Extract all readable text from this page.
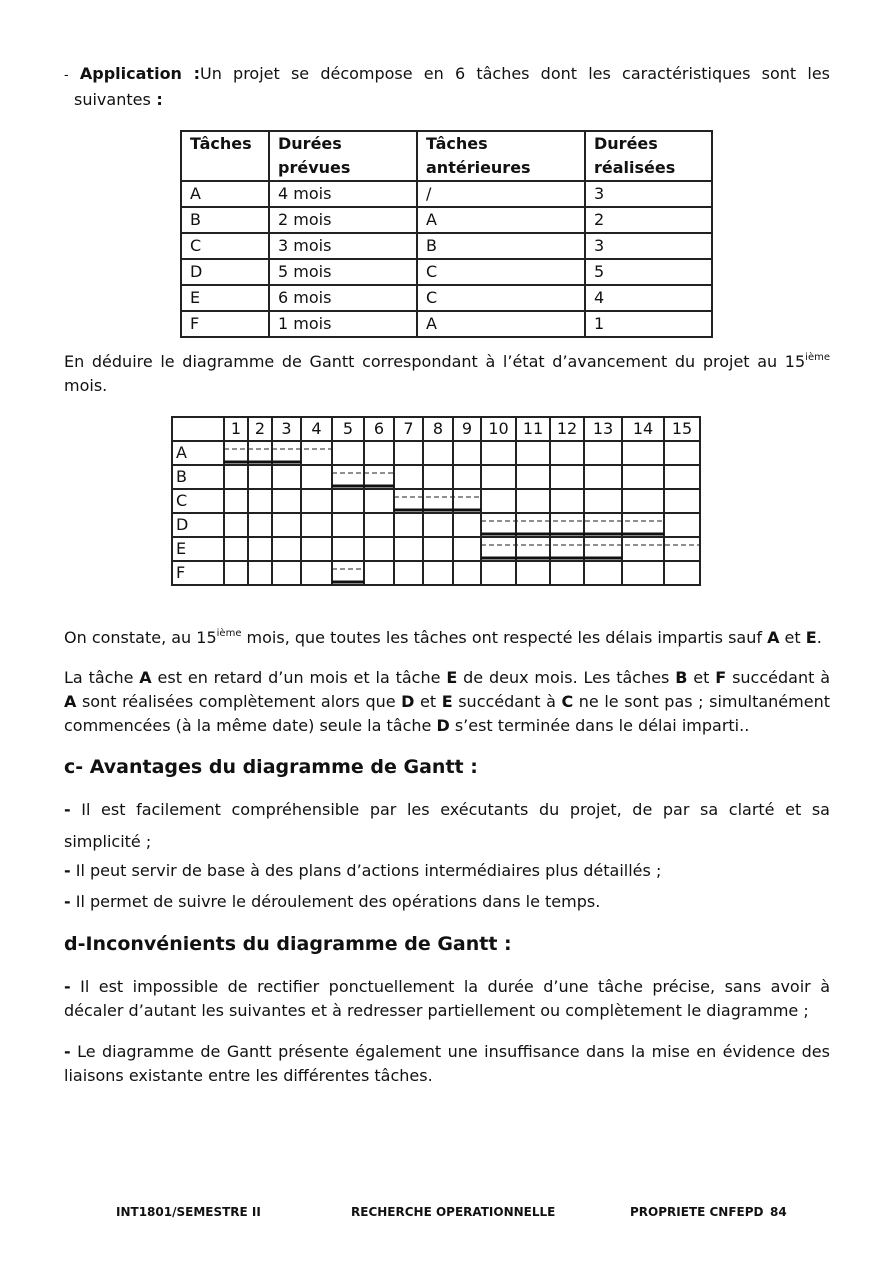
- Application :Un projet se décompose en 6 tâches dont les caractéristiques sont les
suivantes :
Tâches	Durées prévues	Tâches antérieures	Durées réalisées
A	4 mois	/	3
B	2 mois	A	2
C	3 mois	B	3
D	5 mois	C	5
E	6 mois	C	4
F	1 mois	A	1
En déduire le diagramme de Gantt correspondant à l’état d’avancement du projet au 15ième
mois.
	1	2	3	4	5	6	7	8	9	10	11	12	13	14	15
A															
B															
C															
D															
E															
F															
On constate, au 15ième mois, que toutes les tâches ont respecté les délais impartis sauf A et E.
La tâche A est en retard d’un mois et la tâche E de deux mois. Les tâches B et F succédant à
A sont réalisées complètement alors que D et E succédant à C ne le sont pas ; simultanément
commencées (à la même date) seule la tâche D s’est terminée dans le délai imparti..
c- Avantages du diagramme de Gantt :
- Il est facilement compréhensible par les exécutants du projet, de par sa clarté et sa
simplicité ;
- Il peut servir de base à des plans d’actions intermédiaires plus détaillés ;
- Il permet de suivre le déroulement des opérations dans le temps.
d-Inconvénients du diagramme de Gantt :
- Il est impossible de rectifier ponctuellement la durée d’une tâche précise, sans avoir à
décaler d’autant les suivantes et à redresser partiellement ou complètement le diagramme ;
- Le diagramme de Gantt présente également une insuffisance dans la mise en évidence des
liaisons existante entre les différentes tâches.
INT1801/SEMESTRE II	RECHERCHE OPERATIONNELLE	PROPRIETE CNFEPD 84
